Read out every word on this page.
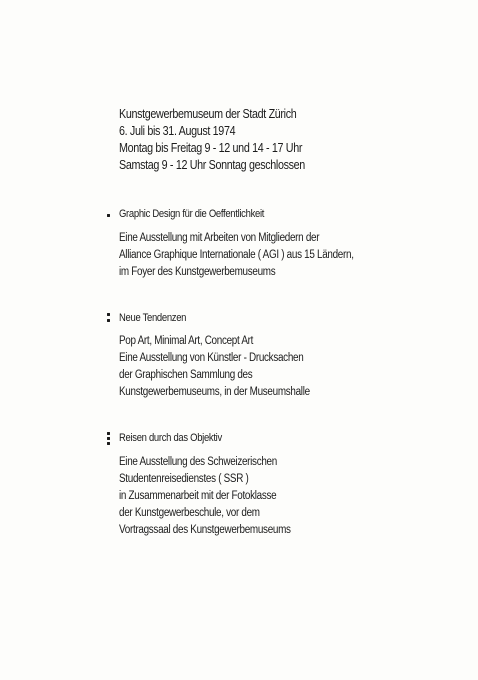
Kunstgewerbemuseum der Stadt Zürich
6. Juli bis 31. August 1974
Montag bis Freitag 9 - 12 und 14 - 17 Uhr
Samstag 9 - 12 Uhr Sonntag geschlossen
Graphic Design für die Oeffentlichkeit
Eine Ausstellung mit Arbeiten von Mitgliedern der
Alliance Graphique Internationale ( AGI ) aus 15 Ländern,
im Foyer des Kunstgewerbemuseums
Neue Tendenzen
Pop Art, Minimal Art, Concept Art
Eine Ausstellung von Künstler - Drucksachen
der Graphischen Sammlung des
Kunstgewerbemuseums, in der Museumshalle
Reisen durch das Objektiv
Eine Ausstellung des Schweizerischen
Studentenreisedienstes ( SSR )
in Zusammenarbeit mit der Fotoklasse
der Kunstgewerbeschule, vor dem
Vortragssaal des Kunstgewerbemuseums
